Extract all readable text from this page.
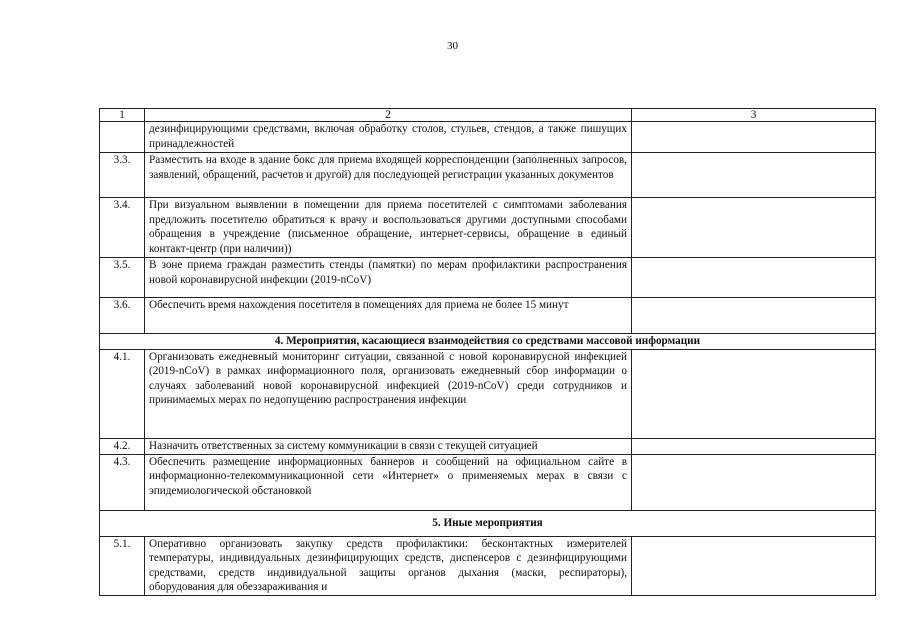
30
1	2	3
	дезинфицирующими средствами, включая обработку столов, стульев, стендов, а также пишущих принадлежностей	
3.3.	Разместить на входе в здание бокс для приема входящей корреспонденции (заполненных запросов, заявлений, обращений, расчетов и другой) для последующей регистрации указанных документов	
3.4.	При визуальном выявлении в помещении для приема посетителей с симптомами заболевания предложить посетителю обратиться к врачу и воспользоваться другими доступными способами обращения в учреждение (письменное обращение, интернет-сервисы, обращение в единый контакт-центр (при наличии))	
3.5.	В зоне приема граждан разместить стенды (памятки) по мерам профилактики распространения новой коронавирусной инфекции (2019-nCoV)	
3.6.	Обеспечить время нахождения посетителя в помещениях для приема не более 15 минут	
4. Мероприятия, касающиеся взаимодействия со средствами массовой информации		
4.1.	Организовать ежедневный мониторинг ситуации, связанной с новой коронавирусной инфекцией (2019-nCoV) в рамках информационного поля, организовать ежедневный сбор информации о случаях заболеваний новой коронавирусной инфекцией (2019-nCoV) среди сотрудников и принимаемых мерах по недопущению распространения инфекции	
4.2.	Назначить ответственных за систему коммуникации в связи с текущей ситуацией	
4.3.	Обеспечить размещение информационных баннеров и сообщений на официальном сайте в информационно-телекоммуникационной сети «Интернет» о применяемых мерах в связи с эпидемиологической обстановкой	
5. Иные мероприятия		
5.1.	Оперативно организовать закупку средств профилактики: бесконтактных измерителей температуры, индивидуальных дезинфицирующих средств, диспенсеров с дезинфицирующими средствами, средств индивидуальной защиты органов дыхания (маски, респираторы), оборудования для обеззараживания и	
